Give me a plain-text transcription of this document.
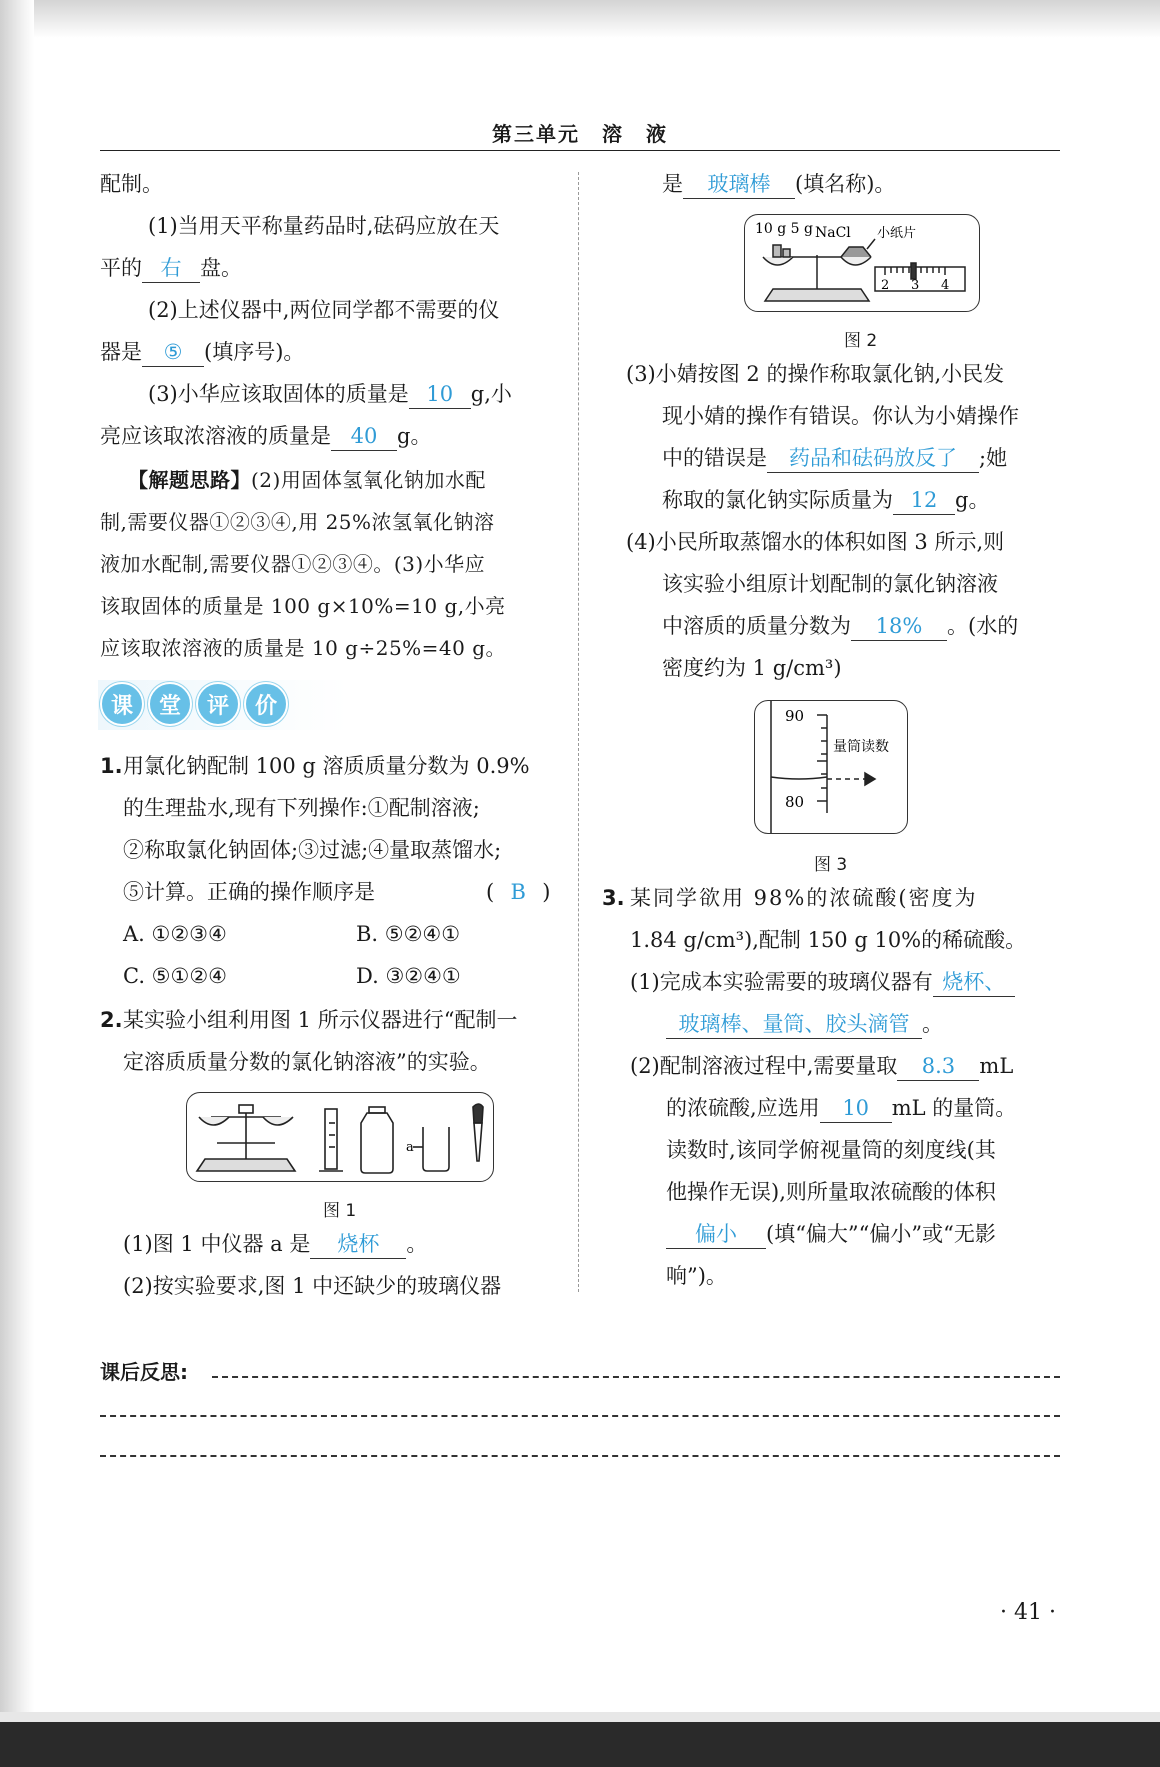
第三单元　溶　液
配制。
(1)当用天平称量药品时,砝码应放在天
平的 右 盘。
(2)上述仪器中,两位同学都不需要的仪
器是 ⑤ (填序号)。
(3)小华应该取固体的质量是 10 g,小
亮应该取浓溶液的质量是 40 g。
【解题思路】(2)用固体氢氧化钠加水配
制,需要仪器①②③④,用 25%浓氢氧化钠溶
液加水配制,需要仪器①②③④。(3)小华应
该取固体的质量是 100 g×10%=10 g,小亮
应该取浓溶液的质量是 10 g÷25%=40 g。
课	堂	评	价
1. 用氯化钠配制 100 g 溶质质量分数为 0.9%
的生理盐水,现有下列操作:①配制溶液;
②称取氯化钠固体;③过滤;④量取蒸馏水;
⑤计算。正确的操作顺序是	( B )
A. ①②③④	B. ⑤②④①
C. ⑤①②④	D. ③②④①
2. 某实验小组利用图 1 所示仪器进行“配制一
定溶质质量分数的氯化钠溶液”的实验。
a
图 1
(1)图 1 中仪器 a 是 烧杯 。
(2)按实验要求,图 1 中还缺少的玻璃仪器
是 玻璃棒 (填名称)。
10 g 5 g NaCl 小纸片
2 3 4
图 2
(3)小婧按图 2 的操作称取氯化钠,小民发
现小婧的操作有错误。你认为小婧操作
中的错误是 药品和砝码放反了 ;她
称取的氯化钠实际质量为 12 g。
(4)小民所取蒸馏水的体积如图 3 所示,则
该实验小组原计划配制的氯化钠溶液
中溶质的质量分数为 18% 。(水的
密度约为 1 g/cm³)
90
80
量筒读数
图 3
3. 某同学欲用 98%的浓硫酸(密度为
1.84 g/cm³),配制 150 g 10%的稀硫酸。
(1)完成本实验需要的玻璃仪器有 烧杯、
玻璃棒、量筒、胶头滴管 。
(2)配制溶液过程中,需要量取 8.3 mL
的浓硫酸,应选用 10 mL 的量筒。
读数时,该同学俯视量筒的刻度线(其
他操作无误),则所量取浓硫酸的体积
偏小 (填“偏大”“偏小”或“无影
响”)。
课后反思:
· 41 ·
